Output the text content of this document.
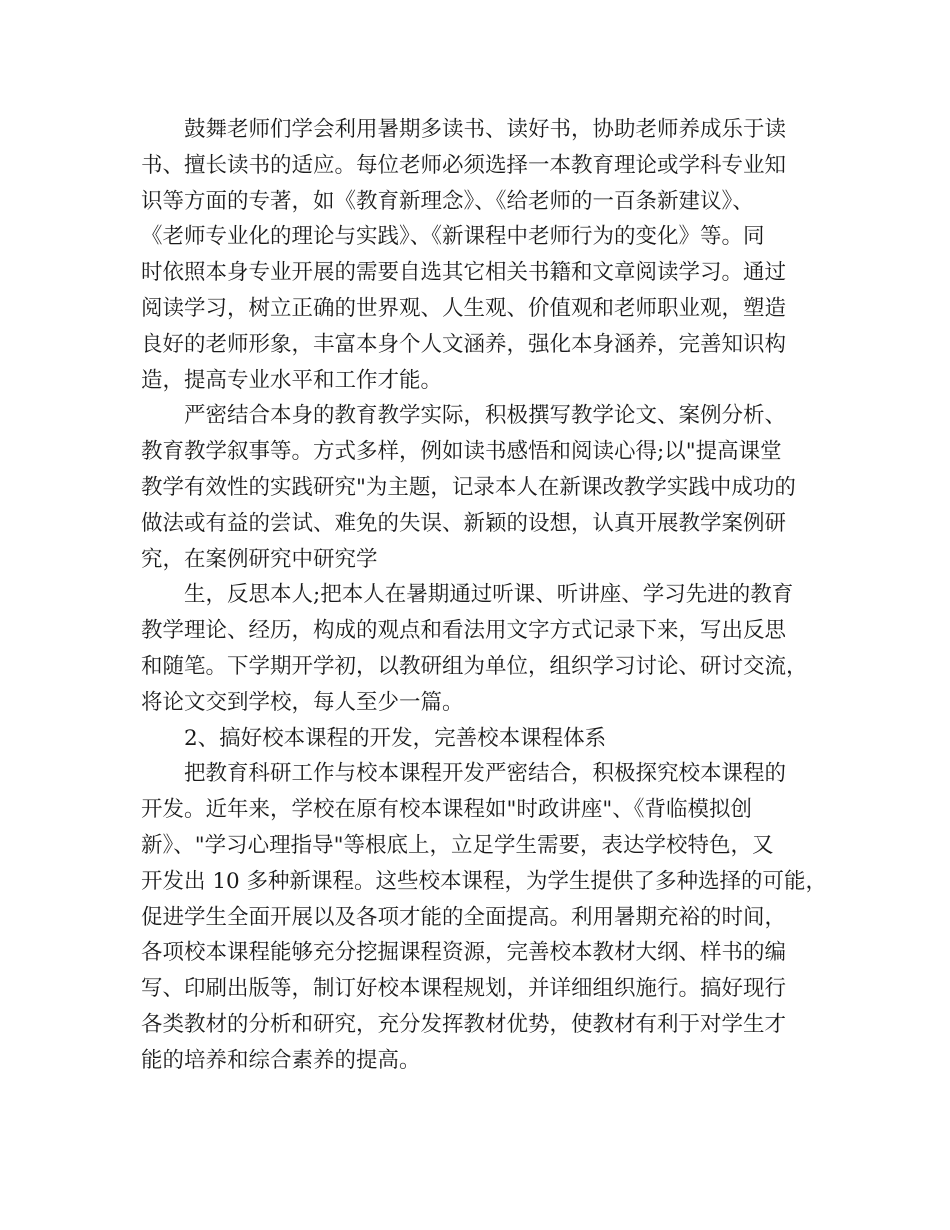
鼓舞老师们学会利用暑期多读书、读好书，协助老师养成乐于读
书、擅长读书的适应。每位老师必须选择一本教育理论或学科专业知
识等方面的专著，如《教育新理念》、《给老师的一百条新建议》、
《老师专业化的理论与实践》、《新课程中老师行为的变化》等。同
时依照本身专业开展的需要自选其它相关书籍和文章阅读学习。通过
阅读学习，树立正确的世界观、人生观、价值观和老师职业观，塑造
良好的老师形象，丰富本身个人文涵养，强化本身涵养，完善知识构
造，提高专业水平和工作才能。
严密结合本身的教育教学实际，积极撰写教学论文、案例分析、
教育教学叙事等。方式多样，例如读书感悟和阅读心得;以"提高课堂
教学有效性的实践研究"为主题，记录本人在新课改教学实践中成功的
做法或有益的尝试、难免的失误、新颖的设想，认真开展教学案例研
究，在案例研究中研究学
生，反思本人;把本人在暑期通过听课、听讲座、学习先进的教育
教学理论、经历，构成的观点和看法用文字方式记录下来，写出反思
和随笔。下学期开学初，以教研组为单位，组织学习讨论、研讨交流，
将论文交到学校，每人至少一篇。
2、搞好校本课程的开发，完善校本课程体系
把教育科研工作与校本课程开发严密结合，积极探究校本课程的
开发。近年来，学校在原有校本课程如"时政讲座"、《背临模拟创
新》、"学习心理指导"等根底上，立足学生需要，表达学校特色，又
开发出 10 多种新课程。这些校本课程，为学生提供了多种选择的可能，
促进学生全面开展以及各项才能的全面提高。利用暑期充裕的时间，
各项校本课程能够充分挖掘课程资源，完善校本教材大纲、样书的编
写、印刷出版等，制订好校本课程规划，并详细组织施行。搞好现行
各类教材的分析和研究，充分发挥教材优势，使教材有利于对学生才
能的培养和综合素养的提高。
